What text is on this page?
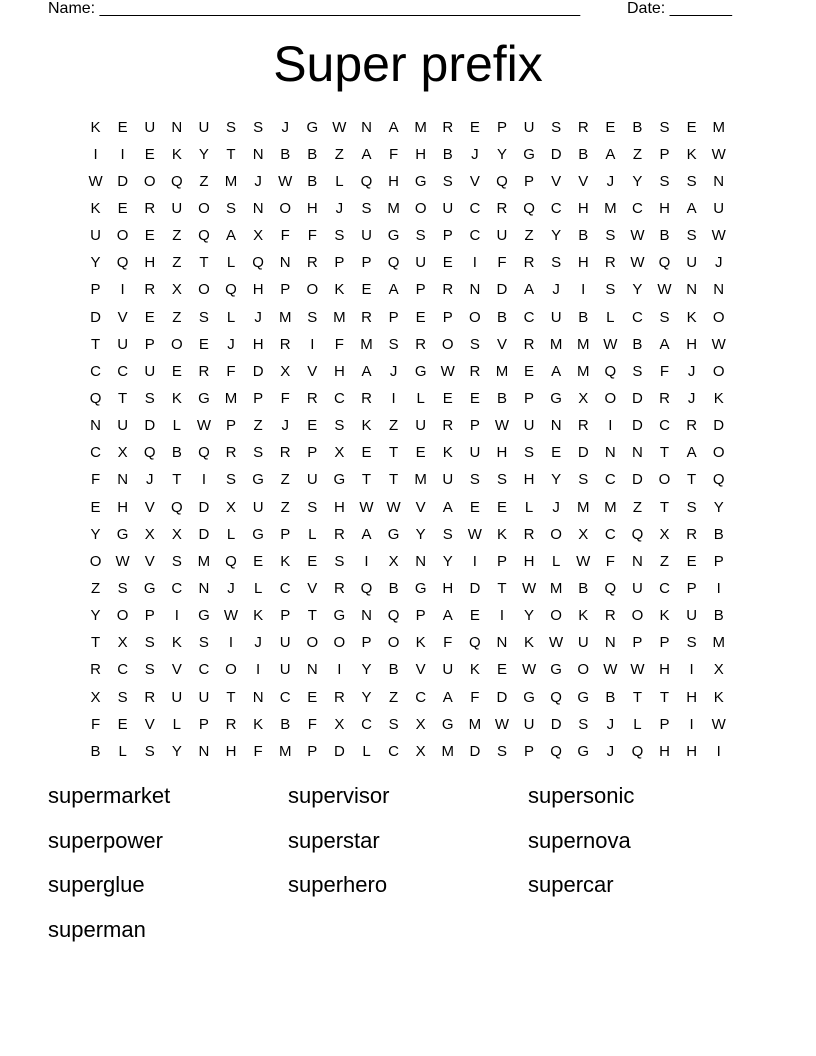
Name: ______________________________________________________	Date: _______
Super prefix
K	E	U	N	U	S	S	J	G W N	A	M	R	E	P	U	S	R	E	B	S	E	M
I	I	E	K	Y	T	N	B	B	Z	A	F	H	B	J	Y	G	D	B	A	Z	P	K	W
W D	O	Q	Z	M	J	W	B	L	Q	H	G	S	V	Q	P	V	V	J	Y	S	S	N
K	E	R	U	O	S	N	O	H	J	S	M	O	U	C	R	Q	C	H	M	C	H	A	U
U	O	E	Z	Q	A	X	F	F	S	U	G	S	P	C	U	Z	Y	B	S	W	B	S	W
Y	Q	H	Z	T	L	Q	N	R	P	P	Q	U	E	I	F	R	S	H	R W Q	U	J
P	I	R	X	O	Q	H	P	O	K	E	A	P	R	N	D	A	J	I	S	Y	W N	N
D	V	E	Z	S	L	J	M	S	M	R	P	E	P	O	B	C	U	B	L	C	S	K	O
T	U	P	O	E	J	H	R	I	F	M	S	R	O	S	V	R	M M W	B	A	H W
C	C	U	E	R	F	D	X	V	H	A	J	G W R	M	E	A	M	Q	S	F	J	O
Q	T	S	K	G	M	P	F	R	C	R	I	L	E	E	B	P	G	X	O	D	R	J	K
N	U	D	L	W	P	Z	J	E	S	K	Z	U	R	P	W U	N	R	I	D	C	R	D
C	X	Q	B	Q	R	S	R	P	X	E	T	E	K	U	H	S	E	D	N	N	T	A	O
F	N	J	T	I	S	G	Z	U	G	T	T	M	U	S	S	H	Y	S	C	D	O	T	Q
E	H	V	Q	D	X	U	Z	S	H W W	V	A	E	E	L	J	M M	Z	T	S	Y
Y	G	X	X	D	L	G	P	L	R	A	G	Y	S	W	K	R	O	X	C	Q	X	R	B
O W	V	S	M	Q	E	K	E	S	I	X	N	Y	I	P	H	L	W	F	N	Z	E	P
Z	S	G	C	N	J	L	C	V	R	Q	B	G	H	D	T	W M	B	Q	U	C	P	I
Y	O	P	I	G W	K	P	T	G	N	Q	P	A	E	I	Y	O	K	R	O	K	U	B
T	X	S	K	S	I	J	U	O	O	P	O	K	F	Q	N	K	W U	N	P	P	S	M
R	C	S	V	C	O	I	U	N	I	Y	B	V	U	K	E	W G	O W W H	I	X
X	S	R	U	U	T	N	C	E	R	Y	Z	C	A	F	D	G	Q	G	B	T	T	H	K
F	E	V	L	P	R	K	B	F	X	C	S	X	G	M W U	D	S	J	L	P	I	W
B	L	S	Y	N	H	F	M	P	D	L	C	X	M	D	S	P	Q	G	J	Q	H	H	I
supermarket	supervisor	supersonic
superpower	superstar	supernova
superglue	superhero	supercar
superman
